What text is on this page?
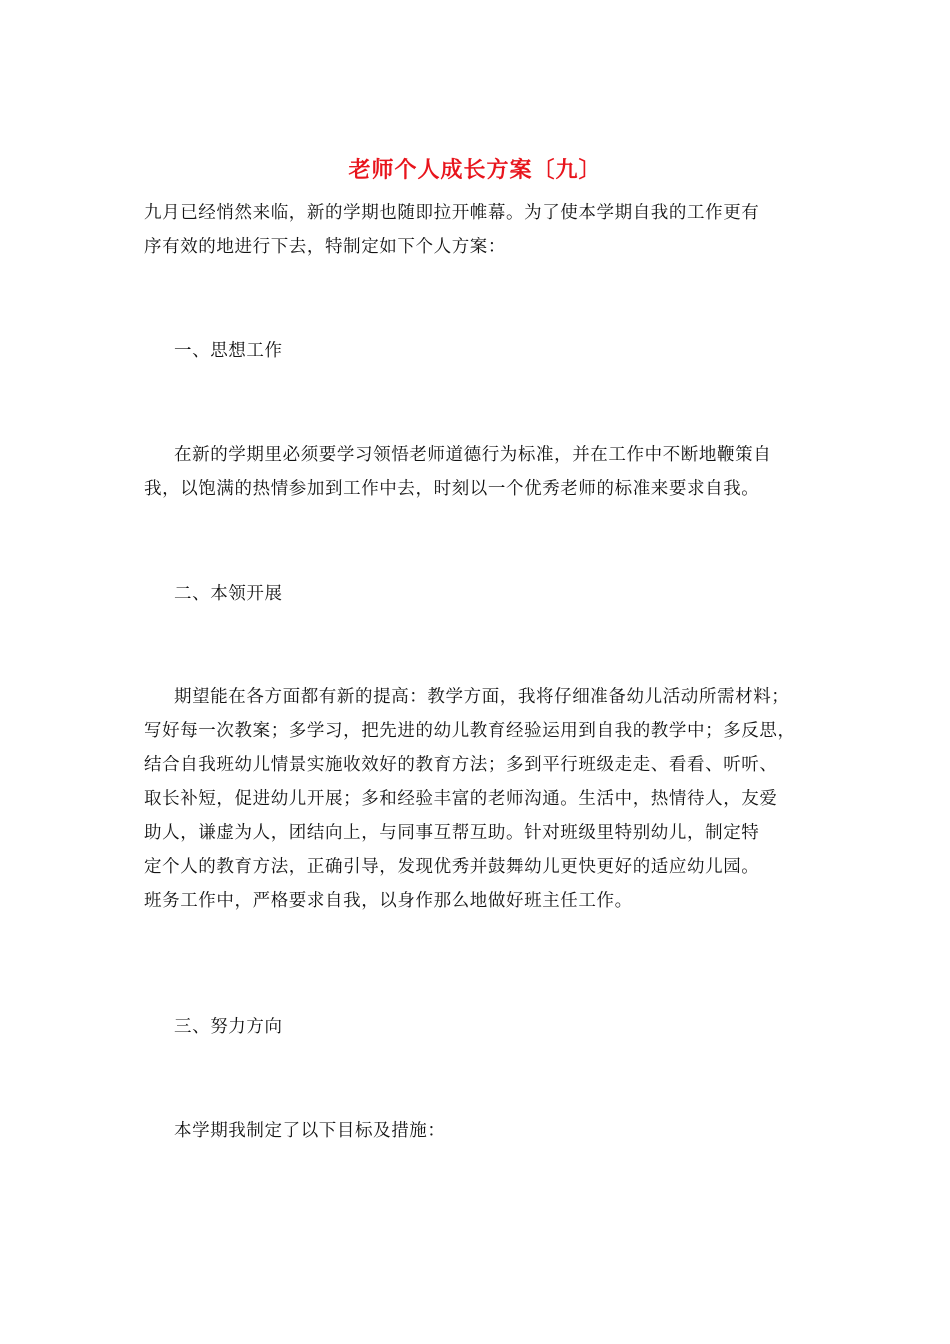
老师个人成长方案〔九〕
九月已经悄然来临，新的学期也随即拉开帷幕。为了使本学期自我的工作更有
序有效的地进行下去，特制定如下个人方案：
一、思想工作
在新的学期里必须要学习领悟老师道德行为标准，并在工作中不断地鞭策自
我，以饱满的热情参加到工作中去，时刻以一个优秀老师的标准来要求自我。
二、本领开展
期望能在各方面都有新的提高：教学方面，我将仔细准备幼儿活动所需材料；
写好每一次教案；多学习，把先进的幼儿教育经验运用到自我的教学中；多反思，
结合自我班幼儿情景实施收效好的教育方法；多到平行班级走走、看看、听听、
取长补短，促进幼儿开展；多和经验丰富的老师沟通。生活中，热情待人，友爱
助人，谦虚为人，团结向上，与同事互帮互助。针对班级里特别幼儿，制定特
定个人的教育方法，正确引导，发现优秀并鼓舞幼儿更快更好的适应幼儿园。
班务工作中，严格要求自我，以身作那么地做好班主任工作。
三、努力方向
本学期我制定了以下目标及措施：
